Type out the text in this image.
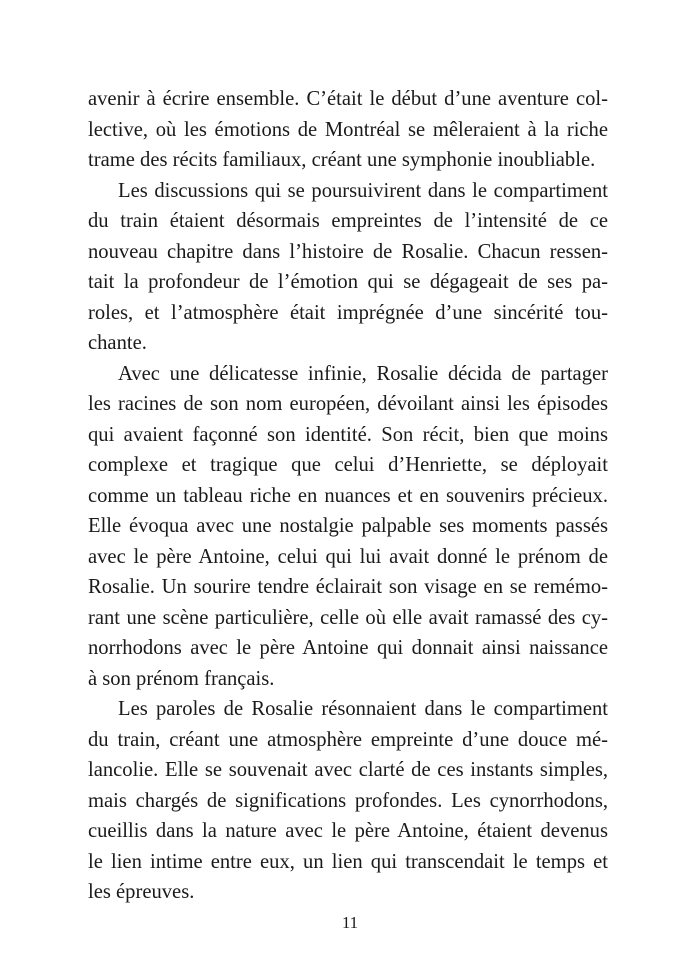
avenir à écrire ensemble. C’était le début d’une aventure col-
lective, où les émotions de Montréal se mêleraient à la riche
trame des récits familiaux, créant une symphonie inoubliable.
Les discussions qui se poursuivirent dans le compartiment
du train étaient désormais empreintes de l’intensité de ce
nouveau chapitre dans l’histoire de Rosalie. Chacun ressen-
tait la profondeur de l’émotion qui se dégageait de ses pa-
roles, et l’atmosphère était imprégnée d’une sincérité tou-
chante.
Avec une délicatesse infinie, Rosalie décida de partager
les racines de son nom européen, dévoilant ainsi les épisodes
qui avaient façonné son identité. Son récit, bien que moins
complexe et tragique que celui d’Henriette, se déployait
comme un tableau riche en nuances et en souvenirs précieux.
Elle évoqua avec une nostalgie palpable ses moments passés
avec le père Antoine, celui qui lui avait donné le prénom de
Rosalie. Un sourire tendre éclairait son visage en se remémo-
rant une scène particulière, celle où elle avait ramassé des cy-
norrhodons avec le père Antoine qui donnait ainsi naissance
à son prénom français.
Les paroles de Rosalie résonnaient dans le compartiment
du train, créant une atmosphère empreinte d’une douce mé-
lancolie. Elle se souvenait avec clarté de ces instants simples,
mais chargés de significations profondes. Les cynorrhodons,
cueillis dans la nature avec le père Antoine, étaient devenus
le lien intime entre eux, un lien qui transcendait le temps et
les épreuves.
11
